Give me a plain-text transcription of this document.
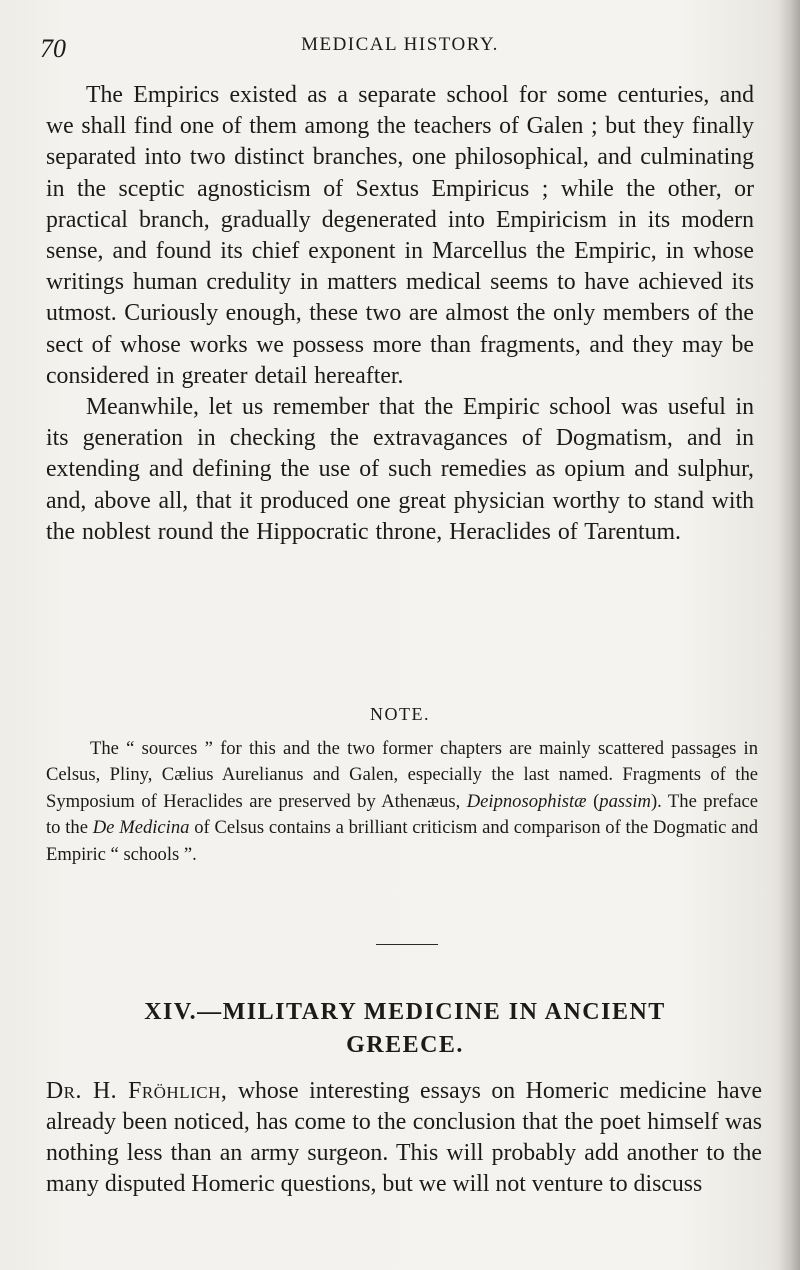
70	MEDICAL HISTORY.

The Empirics existed as a separate school for some centuries, and we shall find one of them among the teachers of Galen ; but they finally separated into two distinct branches, one philosophical, and culminating in the sceptic agnosticism of Sextus Empiricus ; while the other, or practical branch, gradually degenerated into Empiricism in its modern sense, and found its chief exponent in Marcellus the Empiric, in whose writings human credulity in matters medical seems to have achieved its utmost. Curiously enough, these two are almost the only members of the sect of whose works we possess more than fragments, and they may be considered in greater detail hereafter.

Meanwhile, let us remember that the Empiric school was useful in its generation in checking the extravagances of Dogmatism, and in extending and defining the use of such remedies as opium and sulphur, and, above all, that it produced one great physician worthy to stand with the noblest round the Hippocratic throne, Heraclides of Tarentum.

NOTE.

The “ sources ” for this and the two former chapters are mainly scattered passages in Celsus, Pliny, Cælius Aurelianus and Galen, especially the last named. Fragments of the Symposium of Heraclides are preserved by Athenæus, Deipnosophistæ (passim). The preface to the De Medicina of Celsus contains a brilliant criticism and comparison of the Dogmatic and Empiric “ schools ”.

XIV.—MILITARY MEDICINE IN ANCIENT
GREECE.

Dr. H. Fröhlich, whose interesting essays on Homeric medicine have already been noticed, has come to the conclusion that the poet himself was nothing less than an army surgeon. This will probably add another to the many disputed Homeric questions, but we will not venture to discuss
